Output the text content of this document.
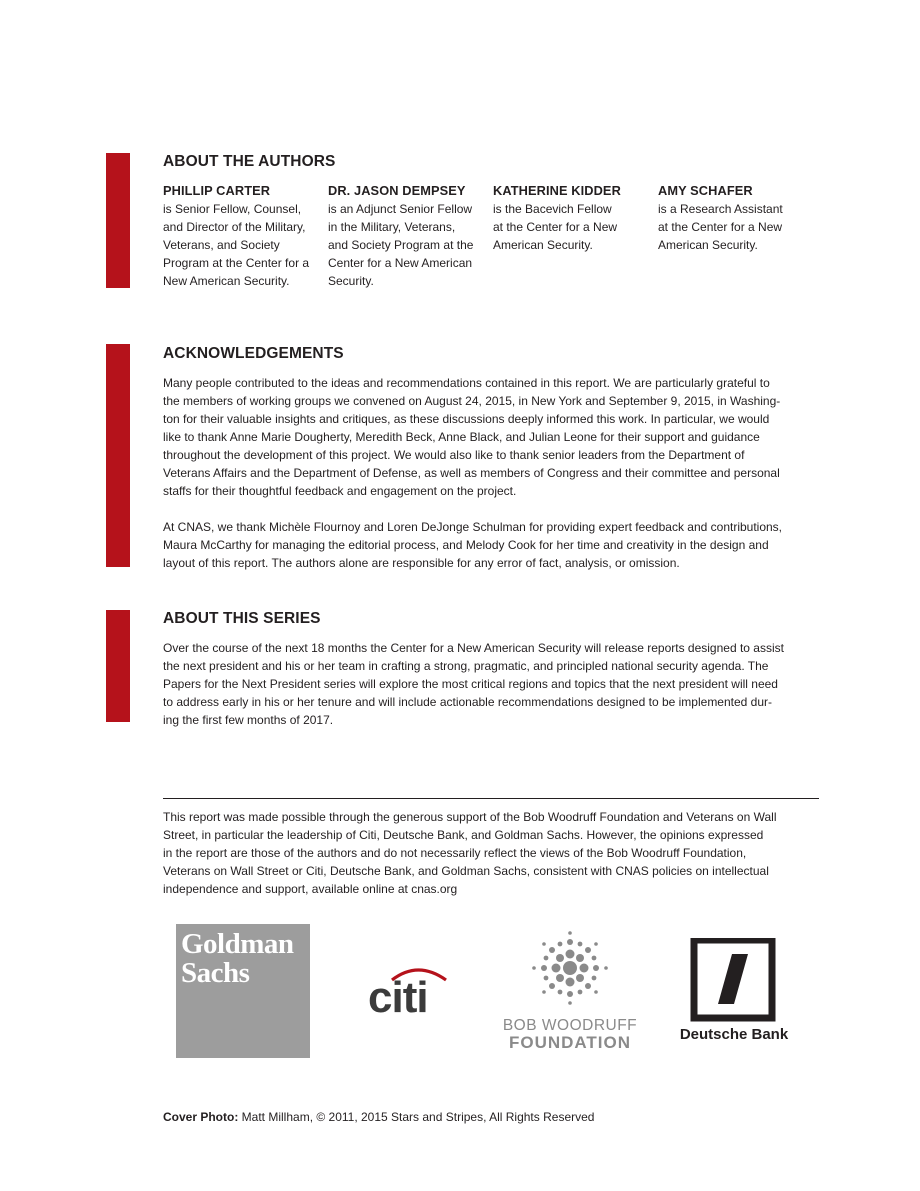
ABOUT THE AUTHORS
PHILLIP CARTER
is Senior Fellow, Counsel,
and Director of the Military,
Veterans, and Society
Program at the Center for a
New American Security.
DR. JASON DEMPSEY
is an Adjunct Senior Fellow
in the Military, Veterans,
and Society Program at the
Center for a New American
Security.
KATHERINE KIDDER
is the Bacevich Fellow
at the Center for a New
American Security.
AMY SCHAFER
is a Research Assistant
at the Center for a New
American Security.
ACKNOWLEDGEMENTS

Many people contributed to the ideas and recommendations contained in this report. We are particularly grateful to

the members of working groups we convened on August 24, 2015, in New York and September 9, 2015, in Washing-

ton for their valuable insights and critiques, as these discussions deeply informed this work. In particular, we would

like to thank Anne Marie Dougherty, Meredith Beck, Anne Black, and Julian Leone for their support and guidance

throughout the development of this project. We would also like to thank senior leaders from the Department of

Veterans Affairs and the Department of Defense, as well as members of Congress and their committee and personal

staffs for their thoughtful feedback and engagement on the project.

At CNAS, we thank Michèle Flournoy and Loren DeJonge Schulman for providing expert feedback and contributions,

Maura McCarthy for managing the editorial process, and Melody Cook for her time and creativity in the design and

layout of this report. The authors alone are responsible for any error of fact, analysis, or omission.

ABOUT THIS SERIES

Over the course of the next 18 months the Center for a New American Security will release reports designed to assist

the next president and his or her team in crafting a strong, pragmatic, and principled national security agenda. The

Papers for the Next President series will explore the most critical regions and topics that the next president will need

to address early in his or her tenure and will include actionable recommendations designed to be implemented dur-

ing the first few months of 2017.

This report was made possible through the generous support of the Bob Woodruff Foundation and Veterans on Wall

Street, in particular the leadership of Citi, Deutsche Bank, and Goldman Sachs. However, the opinions expressed

in the report are those of the authors and do not necessarily reflect the views of the Bob Woodruff Foundation,

Veterans on Wall Street or Citi, Deutsche Bank, and Goldman Sachs, consistent with CNAS policies on intellectual

independence and support, available online at cnas.org

Goldman
Sachs	citi
BOB WOODRUFF
FOUNDATION	Deutsche Bank
Cover Photo: Matt Millham, © 2011, 2015 Stars and Stripes, All Rights Reserved
